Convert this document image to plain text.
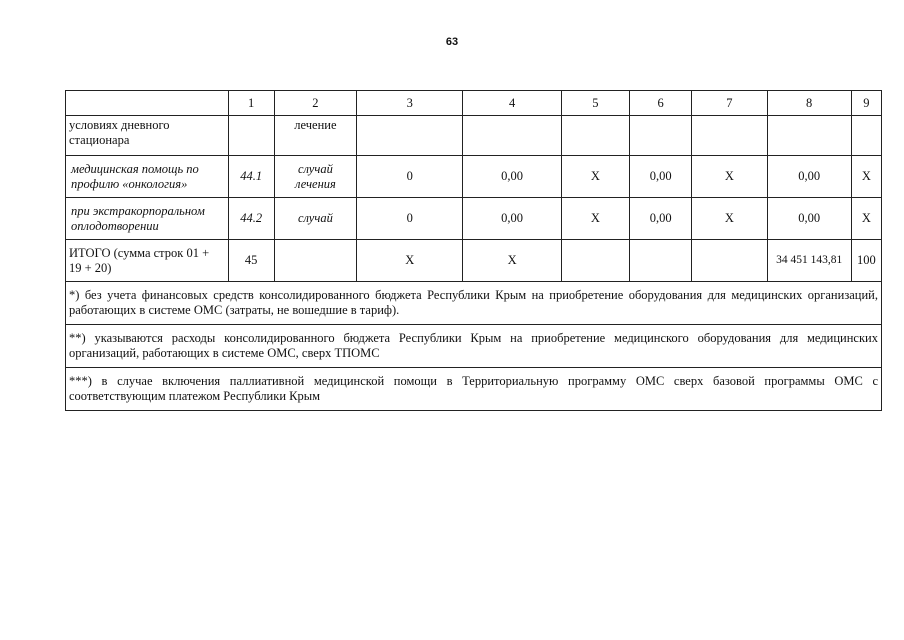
63
	1	2	3	4	5	6	7	8	9
условиях дневного стационара		лечение							
медицинская помощь по профилю «онкология»	44.1	случай лечения	0	0,00	Х	0,00	Х	0,00	Х
при экстракорпоральном оплодотворении	44.2	случай	0	0,00	Х	0,00	Х	0,00	Х
ИТОГО (сумма строк 01 + 19 + 20)	45		Х	Х				34 451 143,81	100
*) без учета финансовых средств консолидированного бюджета Республики Крым на приобретение оборудования для медицинских организаций, работающих в системе ОМС (затраты, не вошедшие в тариф).									
**) указываются расходы консолидированного бюджета Республики Крым на приобретение медицинского оборудования для медицинских организаций, работающих в системе ОМС, сверх ТПОМС									
***) в случае включения паллиативной медицинской помощи в Территориальную программу ОМС сверх базовой программы ОМС с соответствующим платежом Республики Крым									
